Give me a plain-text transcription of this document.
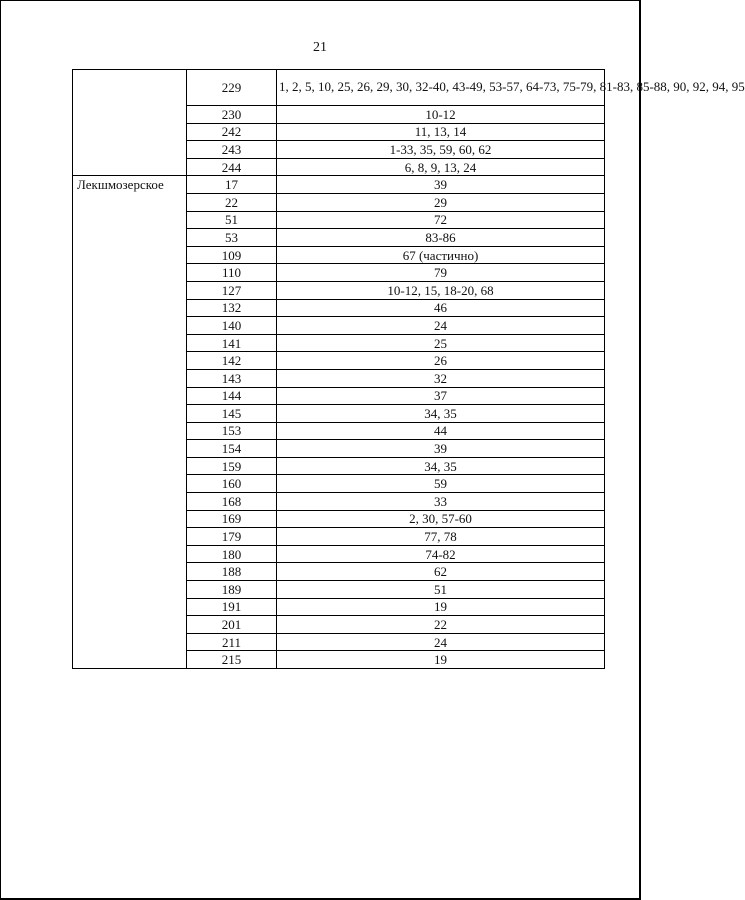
21
	229	1, 2, 5, 10, 25, 26, 29, 30, 32-40, 43-49, 53-57, 64-73, 75-79, 81-83, 85-88, 90, 92, 94, 95
	230	10-12
	242	11, 13, 14
	243	1-33, 35, 59, 60, 62
	244	6, 8, 9, 13, 24
Лекшмозерское	17	39
	22	29
	51	72
	53	83-86
	109	67 (частично)
	110	79
	127	10-12, 15, 18-20, 68
	132	46
	140	24
	141	25
	142	26
	143	32
	144	37
	145	34, 35
	153	44
	154	39
	159	34, 35
	160	59
	168	33
	169	2, 30, 57-60
	179	77, 78
	180	74-82
	188	62
	189	51
	191	19
	201	22
	211	24
	215	19
